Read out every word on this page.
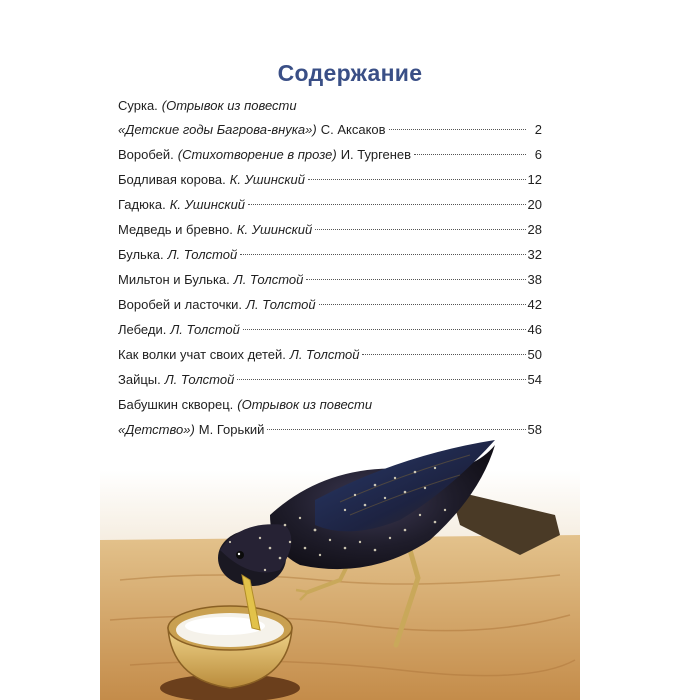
Содержание
Сурка. (Отрывок из повести
«Детские годы Багрова-внука») С. Аксаков	2
Воробей. (Стихотворение в прозе) И. Тургенев	6
Бодливая корова. К. Ушинский	12
Гадюка. К. Ушинский	20
Медведь и бревно. К. Ушинский	28
Булька. Л. Толстой	32
Мильтон и Булька. Л. Толстой	38
Воробей и ласточки. Л. Толстой	42
Лебеди. Л. Толстой	46
Как волки учат своих детей. Л. Толстой	50
Зайцы. Л. Толстой	54
Бабушкин скворец. (Отрывок из повести
«Детство») М. Горький	58
